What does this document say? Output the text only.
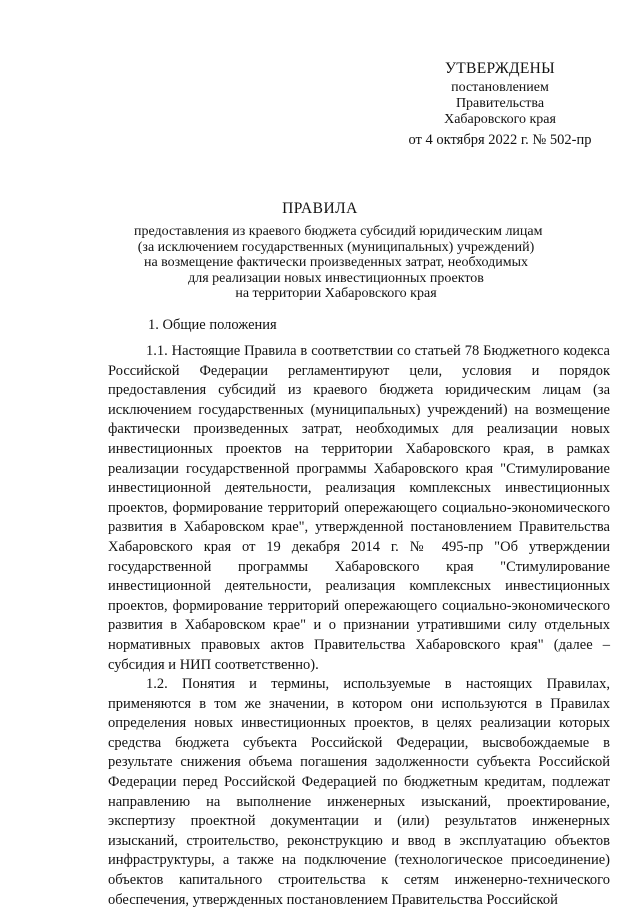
УТВЕРЖДЕНЫ
постановлением
Правительства
Хабаровского края
от 4 октября 2022 г. № 502-пр
ПРАВИЛА
предоставления из краевого бюджета субсидий юридическим лицам
(за исключением государственных (муниципальных) учреждений)
на возмещение фактически произведенных затрат, необходимых
для реализации новых инвестиционных проектов
на территории Хабаровского края
1. Общие положения

1.1. Настоящие Правила в соответствии со статьей 78 Бюджетного кодекса Российской Федерации регламентируют цели, условия и порядок предоставления субсидий из краевого бюджета юридическим лицам (за исключением государственных (муниципальных) учреждений) на возмещение фактически произведенных затрат, необходимых для реализации новых инвестиционных проектов на территории Хабаровского края, в рамках реализации государственной программы Хабаровского края "Стимулирование инвестиционной деятельности, реализация комплексных инвестиционных проектов, формирование территорий опережающего социально-экономического развития в Хабаровском крае", утвержденной постановлением Правительства Хабаровского края от 19 декабря 2014 г. № 495-пр "Об утверждении государственной программы Хабаровского края "Стимулирование инвестиционной деятельности, реализация комплексных инвестиционных проектов, формирование территорий опережающего социально-экономического развития в Хабаровском крае" и о признании утратившими силу отдельных нормативных правовых актов Правительства Хабаровского края" (далее – субсидия и НИП соответственно).

1.2. Понятия и термины, используемые в настоящих Правилах, применяются в том же значении, в котором они используются в Правилах определения новых инвестиционных проектов, в целях реализации которых средства бюджета субъекта Российской Федерации, высвобождаемые в результате снижения объема погашения задолженности субъекта Российской Федерации перед Российской Федерацией по бюджетным кредитам, подлежат направлению на выполнение инженерных изысканий, проектирование, экспертизу проектной документации и (или) результатов инженерных изысканий, строительство, реконструкцию и ввод в эксплуатацию объектов инфраструктуры, а также на подключение (технологическое присоединение) объектов капитального строительства к сетям инженерно-технического обеспечения, утвержденных постановлением Правительства Российской
